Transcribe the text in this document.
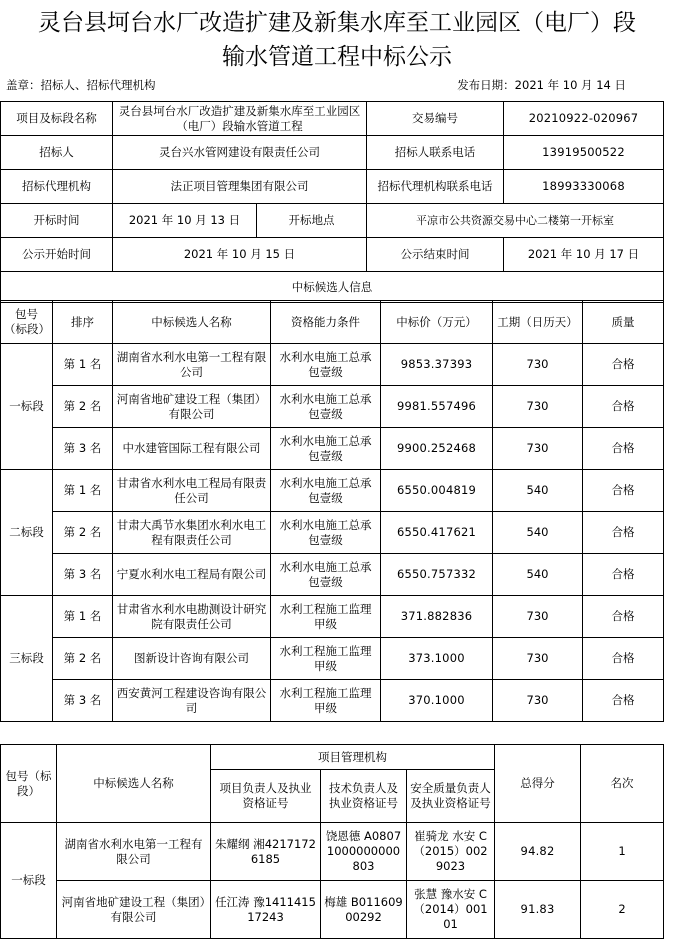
灵台县坷台水厂改造扩建及新集水库至工业园区（电厂）段
输水管道工程中标公示
盖章：招标人、招标代理机构	发布日期：2021 年 10 月 14 日
项目及标段名称	灵台县坷台水厂改造扩建及新集水库至工业园区（电厂）段输水管道工程		交易编号	20210922-020967
招标人	灵台兴水管网建设有限责任公司		招标人联系电话	13919500522
招标代理机构	法正项目管理集团有限公司		招标代理机构联系电话	18993330068
开标时间	2021 年 10 月 13 日	开标地点	平凉市公共资源交易中心二楼第一开标室	
公示开始时间	2021 年 10 月 15 日		公示结束时间	2021 年 10 月 17 日
中标候选人信息				
包号（标段）	排序	中标候选人名称	资格能力条件	中标价（万元）	工期（日历天）	质量
一标段	第 1 名	湖南省水利水电第一工程有限公司	水利水电施工总承包壹级	9853.37393	730	合格
	第 2 名	河南省地矿建设工程（集团）有限公司	水利水电施工总承包壹级	9981.557496	730	合格
	第 3 名	中水建管国际工程有限公司	水利水电施工总承包壹级	9900.252468	730	合格
二标段	第 1 名	甘肃省水利水电工程局有限责任公司	水利水电施工总承包壹级	6550.004819	540	合格
	第 2 名	甘肃大禹节水集团水利水电工程有限责任公司	水利水电施工总承包壹级	6550.417621	540	合格
	第 3 名	宁夏水利水电工程局有限公司	水利水电施工总承包壹级	6550.757332	540	合格
三标段	第 1 名	甘肃省水利水电勘测设计研究院有限责任公司	水利工程施工监理甲级	371.882836	730	合格
	第 2 名	图新设计咨询有限公司	水利工程施工监理甲级	373.1000	730	合格
	第 3 名	西安黄河工程建设咨询有限公司	水利工程施工监理甲级	370.1000	730	合格
包号（标段）	中标候选人名称	项目管理机构			总得分	名次
		项目负责人及执业资格证号	技术负责人及执业资格证号	安全质量负责人及执业资格证号		
一标段	湖南省水利水电第一工程有限公司	朱耀纲 湘42171726185	饶恩德 A08071000000000803	崔骑龙 水安 C（2015）0029023	94.82	1
	河南省地矿建设工程（集团）有限公司	任江涛 豫141141517243	梅雄 B01160900292	张慧 豫水安 C（2014）00101	91.83	2
